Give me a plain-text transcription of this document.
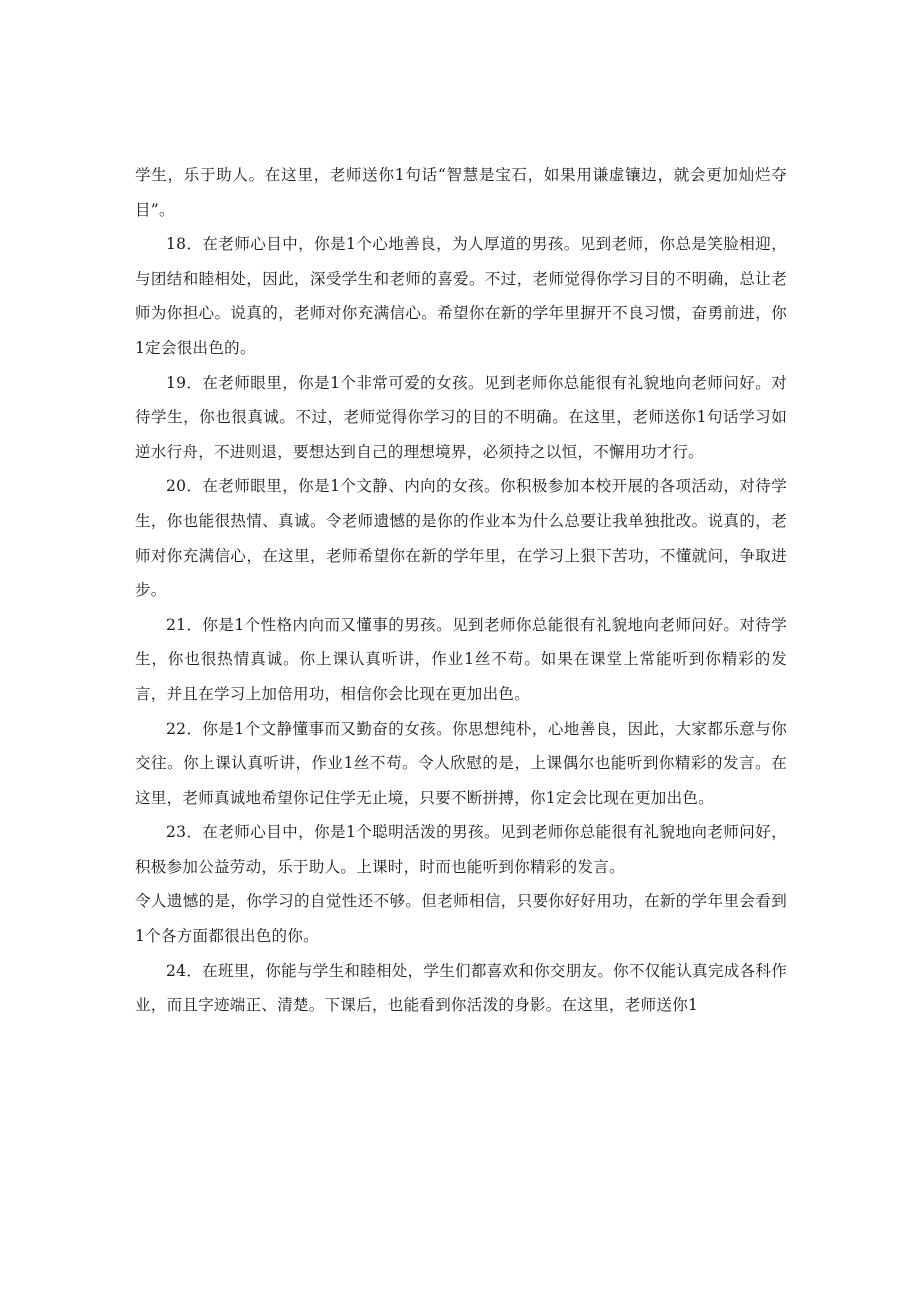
学生，乐于助人。在这里，老师送你1句话“智慧是宝石，如果用谦虚镶边，就会更加灿烂夺目”。

18．在老师心目中，你是1个心地善良，为人厚道的男孩。见到老师，你总是笑脸相迎，与团结和睦相处，因此，深受学生和老师的喜爱。不过，老师觉得你学习目的不明确，总让老师为你担心。说真的，老师对你充满信心。希望你在新的学年里摒开不良习惯，奋勇前进，你1定会很出色的。

19．在老师眼里，你是1个非常可爱的女孩。见到老师你总能很有礼貌地向老师问好。对待学生，你也很真诚。不过，老师觉得你学习的目的不明确。在这里，老师送你1句话学习如逆水行舟，不进则退，要想达到自己的理想境界，必须持之以恒，不懈用功才行。

20．在老师眼里，你是1个文静、内向的女孩。你积极参加本校开展的各项活动，对待学生，你也能很热情、真诚。令老师遗憾的是你的作业本为什么总要让我单独批改。说真的，老师对你充满信心，在这里，老师希望你在新的学年里，在学习上狠下苦功，不懂就问，争取进步。

21．你是1个性格内向而又懂事的男孩。见到老师你总能很有礼貌地向老师问好。对待学生，你也很热情真诚。你上课认真听讲，作业1丝不苟。如果在课堂上常能听到你精彩的发言，并且在学习上加倍用功，相信你会比现在更加出色。

22．你是1个文静懂事而又勤奋的女孩。你思想纯朴，心地善良，因此，大家都乐意与你交往。你上课认真听讲，作业1丝不苟。令人欣慰的是，上课偶尔也能听到你精彩的发言。在这里，老师真诚地希望你记住学无止境，只要不断拼搏，你1定会比现在更加出色。

23．在老师心目中，你是1个聪明活泼的男孩。见到老师你总能很有礼貌地向老师问好，积极参加公益劳动，乐于助人。上课时，时而也能听到你精彩的发言。

令人遗憾的是，你学习的自觉性还不够。但老师相信，只要你好好用功，在新的学年里会看到1个各方面都很出色的你。

24．在班里，你能与学生和睦相处，学生们都喜欢和你交朋友。你不仅能认真完成各科作业，而且字迹端正、清楚。下课后，也能看到你活泼的身影。在这里，老师送你1
